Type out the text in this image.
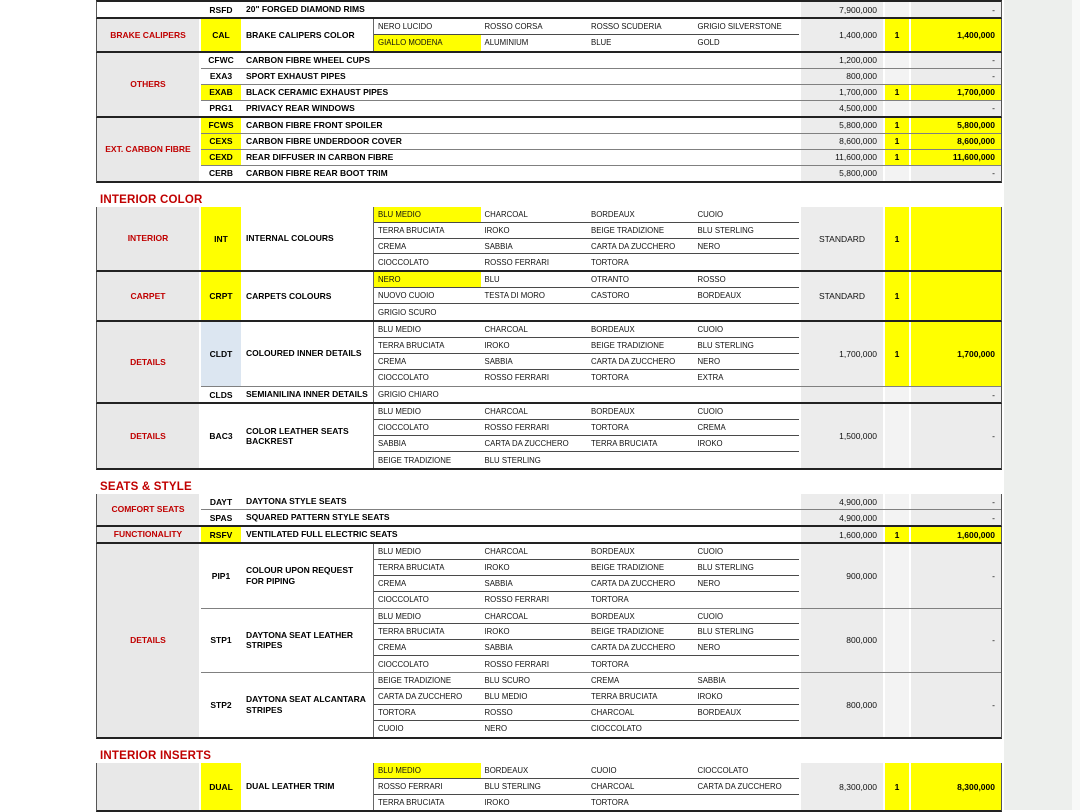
RSFD	20" FORGED DIAMOND RIMS	7,900,000	-
BRAKE CALIPERS	CAL	BRAKE CALIPERS COLOR
NERO LUCIDO	ROSSO CORSA	ROSSO SCUDERIA	GRIGIO SILVERSTONE
GIALLO MODENA	ALUMINIUM	BLUE	GOLD
1,400,000	1	1,400,000
OTHERS
CFWC	CARBON FIBRE WHEEL CUPS	1,200,000	-
EXA3	SPORT EXHAUST PIPES	800,000	-
EXAB	BLACK CERAMIC EXHAUST PIPES	1,700,000	1	1,700,000
PRG1	PRIVACY REAR WINDOWS	4,500,000	-
EXT. CARBON FIBRE
FCWS	CARBON FIBRE FRONT SPOILER	5,800,000	1	5,800,000
CEXS	CARBON FIBRE UNDERDOOR COVER	8,600,000	1	8,600,000
CEXD	REAR DIFFUSER IN CARBON FIBRE	11,600,000	1	11,600,000
CERB	CARBON FIBRE REAR BOOT TRIM	5,800,000	-
INTERIOR COLOR
INTERIOR	INT	INTERNAL COLOURS
BLU MEDIO	CHARCOAL	BORDEAUX	CUOIO
TERRA BRUCIATA	IROKO	BEIGE TRADIZIONE	BLU STERLING
CREMA	SABBIA	CARTA DA ZUCCHERO	NERO
CIOCCOLATO	ROSSO FERRARI	TORTORA
STANDARD	1
CARPET	CRPT	CARPETS COLOURS
NERO	BLU	OTRANTO	ROSSO
NUOVO CUOIO	TESTA DI MORO	CASTORO	BORDEAUX
GRIGIO SCURO
STANDARD	1
DETAILS
CLDT	COLOURED INNER DETAILS
BLU MEDIO	CHARCOAL	BORDEAUX	CUOIO
TERRA BRUCIATA	IROKO	BEIGE TRADIZIONE	BLU STERLING
CREMA	SABBIA	CARTA DA ZUCCHERO	NERO
CIOCCOLATO	ROSSO FERRARI	TORTORA	EXTRA
1,700,000	1	1,700,000
CLDS	SEMIANILINA INNER DETAILS	GRIGIO CHIARO	-
DETAILS	BAC3
COLOR LEATHER SEATS BACKREST
BLU MEDIO	CHARCOAL	BORDEAUX	CUOIO
CIOCCOLATO	ROSSO FERRARI	TORTORA	CREMA
SABBIA	CARTA DA ZUCCHERO	TERRA BRUCIATA	IROKO
BEIGE TRADIZIONE	BLU STERLING
1,500,000	-
SEATS & STYLE
COMFORT SEATS
DAYT	DAYTONA STYLE SEATS	4,900,000	-
SPAS	SQUARED PATTERN STYLE SEATS	4,900,000	-
FUNCTIONALITY	RSFV	VENTILATED FULL ELECTRIC SEATS	1,600,000	1	1,600,000
DETAILS
PIP1
COLOUR UPON REQUEST FOR PIPING
BLU MEDIO	CHARCOAL	BORDEAUX	CUOIO
TERRA BRUCIATA	IROKO	BEIGE TRADIZIONE	BLU STERLING
CREMA	SABBIA	CARTA DA ZUCCHERO	NERO
CIOCCOLATO	ROSSO FERRARI	TORTORA
900,000	-
STP1
DAYTONA SEAT LEATHER STRIPES
BLU MEDIO	CHARCOAL	BORDEAUX	CUOIO
TERRA BRUCIATA	IROKO	BEIGE TRADIZIONE	BLU STERLING
CREMA	SABBIA	CARTA DA ZUCCHERO	NERO
CIOCCOLATO	ROSSO FERRARI	TORTORA
800,000	-
STP2
DAYTONA SEAT ALCANTARA STRIPES
BEIGE TRADIZIONE	BLU SCURO	CREMA	SABBIA
CARTA DA ZUCCHERO	BLU MEDIO	TERRA BRUCIATA	IROKO
TORTORA	ROSSO	CHARCOAL	BORDEAUX
CUOIO	NERO	CIOCCOLATO
800,000	-
INTERIOR INSERTS
DUAL	DUAL LEATHER TRIM
BLU MEDIO	BORDEAUX	CUOIO	CIOCCOLATO
ROSSO FERRARI	BLU STERLING	CHARCOAL	CARTA DA ZUCCHERO
TERRA BRUCIATA	IROKO	TORTORA
8,300,000	1	8,300,000
